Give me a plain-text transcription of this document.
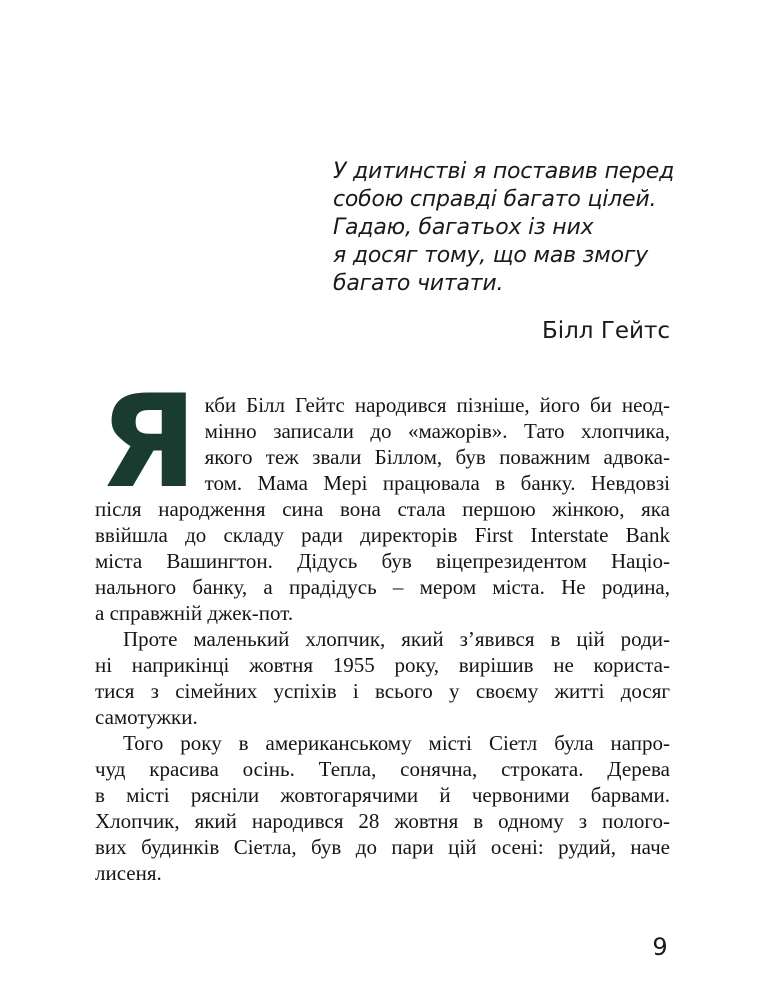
У дитинстві я поставив перед
собою справді багато цілей.
Гадаю, багатьох із них
я досяг тому, що мав змогу
багато читати.
Білл Гейтс
Я кби Білл Гейтс народився пізніше, його би неод-
мінно записали до «мажорів». Тато хлопчика,
якого теж звали Біллом, був поважним адвока-
том. Мама Мері працювала в банку. Невдовзі
після народження сина вона стала першою жінкою, яка
ввійшла до складу ради директорів First Interstate Bank
міста Вашингтон. Дідусь був віцепрезидентом Націо-
нального банку, а прадідусь – мером міста. Не родина,
а справжній джек-пот.
Проте маленький хлопчик, який з’явився в цій роди-
ні наприкінці жовтня 1955 року, вирішив не користа-
тися з сімейних успіхів і всього у своєму житті досяг
самотужки.
Того року в американському місті Сіетл була напро-
чуд красива осінь. Тепла, сонячна, строката. Дерева
в місті рясніли жовтогарячими й червоними барвами.
Хлопчик, який народився 28 жовтня в одному з полого-
вих будинків Сіетла, був до пари цій осені: рудий, наче
лисеня.
9
